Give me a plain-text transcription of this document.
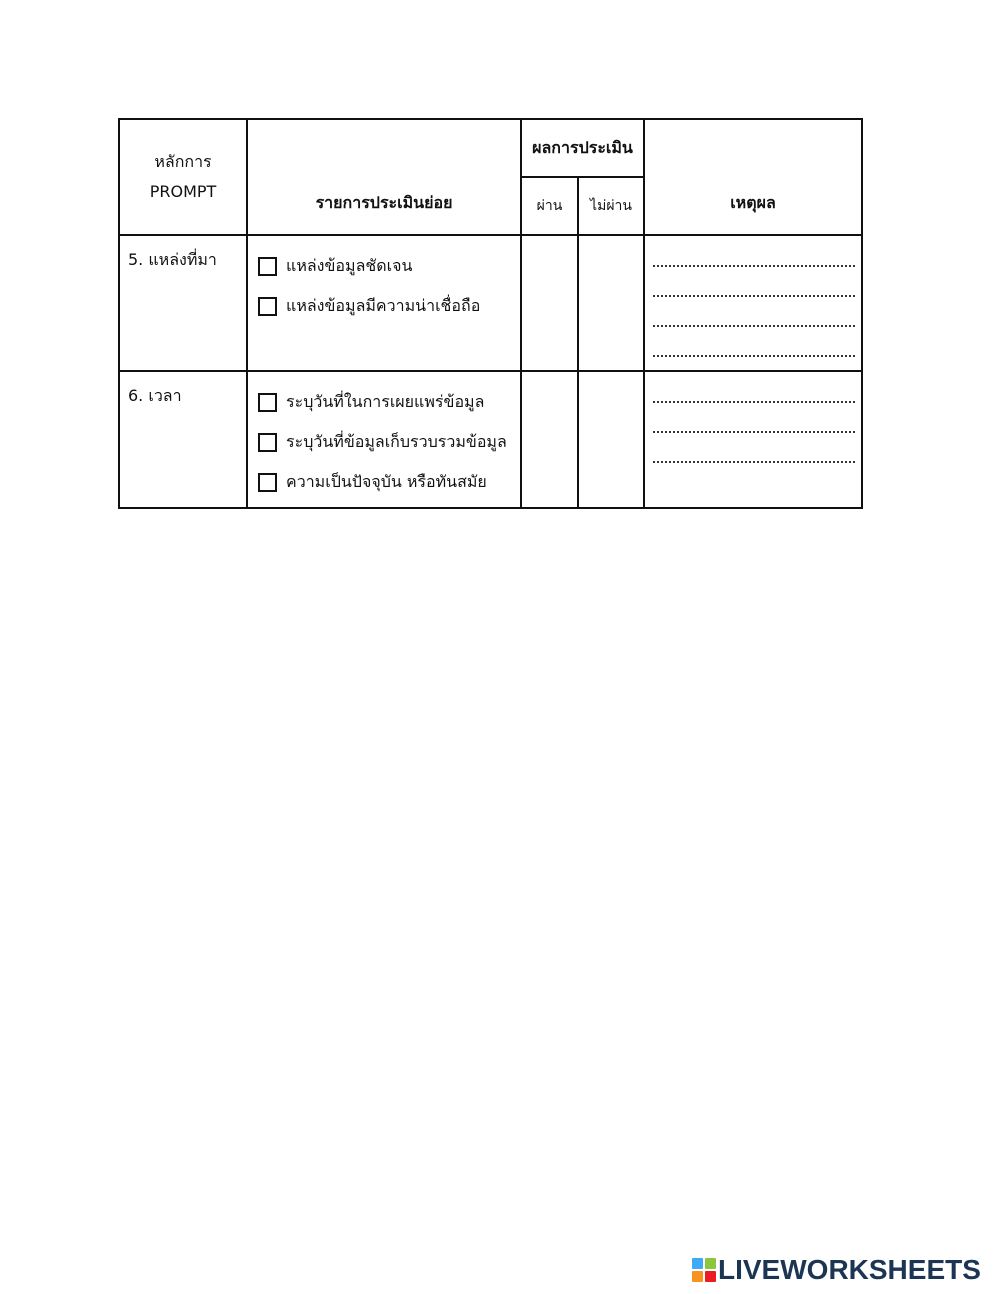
หลักการ
PROMPT	รายการประเมินย่อย	ผลการประเมิน		เหตุผล
		ผ่าน	ไม่ผ่าน	
5. แหล่งที่มา	แหล่งข้อมูลชัดเจน
แหล่งข้อมูลมีความน่าเชื่อถือ			

6. เวลา	ระบุวันที่ในการเผยแพร่ข้อมูล
ระบุวันที่ข้อมูลเก็บรวบรวมข้อมูล
ความเป็นปัจจุบัน หรือทันสมัย			

LIVEWORKSHEETS
